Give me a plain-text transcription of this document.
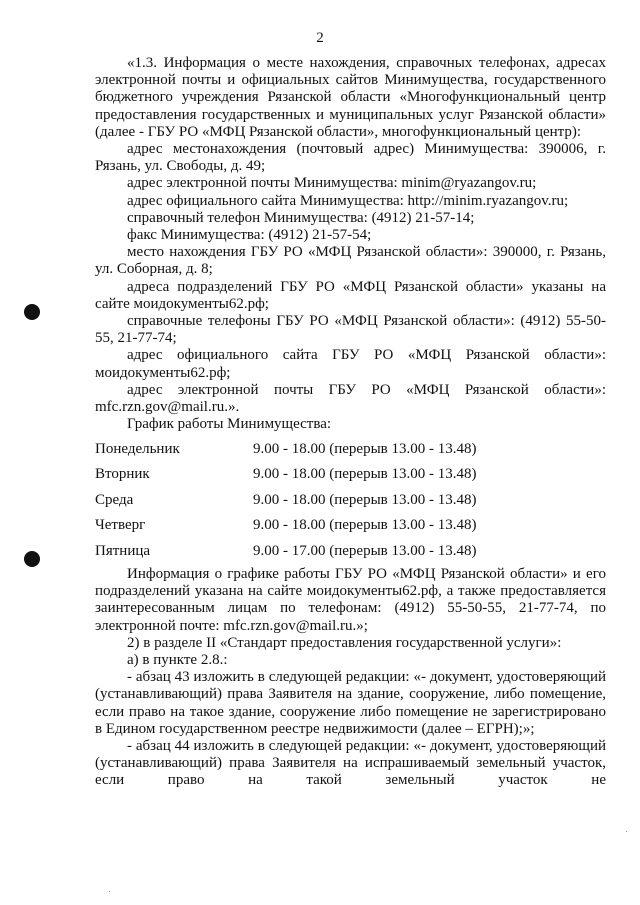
2

«1.3. Информация о месте нахождения, справочных телефонах, адресах электронной почты и официальных сайтов Минимущества, государственного бюджетного учреждения Рязанской области «Многофункциональный центр предоставления государственных и муниципальных услуг Рязанской области» (далее - ГБУ РО «МФЦ Рязанской области», многофункциональный центр):

адрес местонахождения (почтовый адрес) Минимущества: 390006, г. Рязань, ул. Свободы, д. 49;

адрес электронной почты Минимущества: minim@ryazangov.ru;

адрес официального сайта Минимущества: http://minim.ryazangov.ru;

справочный телефон Минимущества: (4912) 21-57-14;

факс Минимущества: (4912) 21-57-54;

место нахождения ГБУ РО «МФЦ Рязанской области»: 390000, г. Рязань, ул. Соборная, д. 8;

адреса подразделений ГБУ РО «МФЦ Рязанской области» указаны на сайте моидокументы62.рф;

справочные телефоны ГБУ РО «МФЦ Рязанской области»: (4912) 55-50-55, 21-77-74;

адрес официального сайта ГБУ РО «МФЦ Рязанской области»: моидокументы62.рф;

адрес электронной почты ГБУ РО «МФЦ Рязанской области»: mfc.rzn.gov@mail.ru.».

График работы Минимущества:

Понедельник	9.00 - 18.00 (перерыв 13.00 - 13.48)
Вторник	9.00 - 18.00 (перерыв 13.00 - 13.48)
Среда	9.00 - 18.00 (перерыв 13.00 - 13.48)
Четверг	9.00 - 18.00 (перерыв 13.00 - 13.48)
Пятница	9.00 - 17.00 (перерыв 13.00 - 13.48)

Информация о графике работы ГБУ РО «МФЦ Рязанской области» и его подразделений указана на сайте моидокументы62.рф, а также предоставляется заинтересованным лицам по телефонам: (4912) 55-50-55, 21-77-74, по электронной почте: mfc.rzn.gov@mail.ru.»;

2) в разделе II «Стандарт предоставления государственной услуги»:

а) в пункте 2.8.:

- абзац 43 изложить в следующей редакции: «- документ, удостоверяющий (устанавливающий) права Заявителя на здание, сооружение, либо помещение, если право на такое здание, сооружение либо помещение не зарегистрировано в Едином государственном реестре недвижимости (далее – ЕГРН);»;

- абзац 44 изложить в следующей редакции: «- документ, удостоверяющий (устанавливающий) права Заявителя на испрашиваемый земельный участок, если право на такой земельный участок не
